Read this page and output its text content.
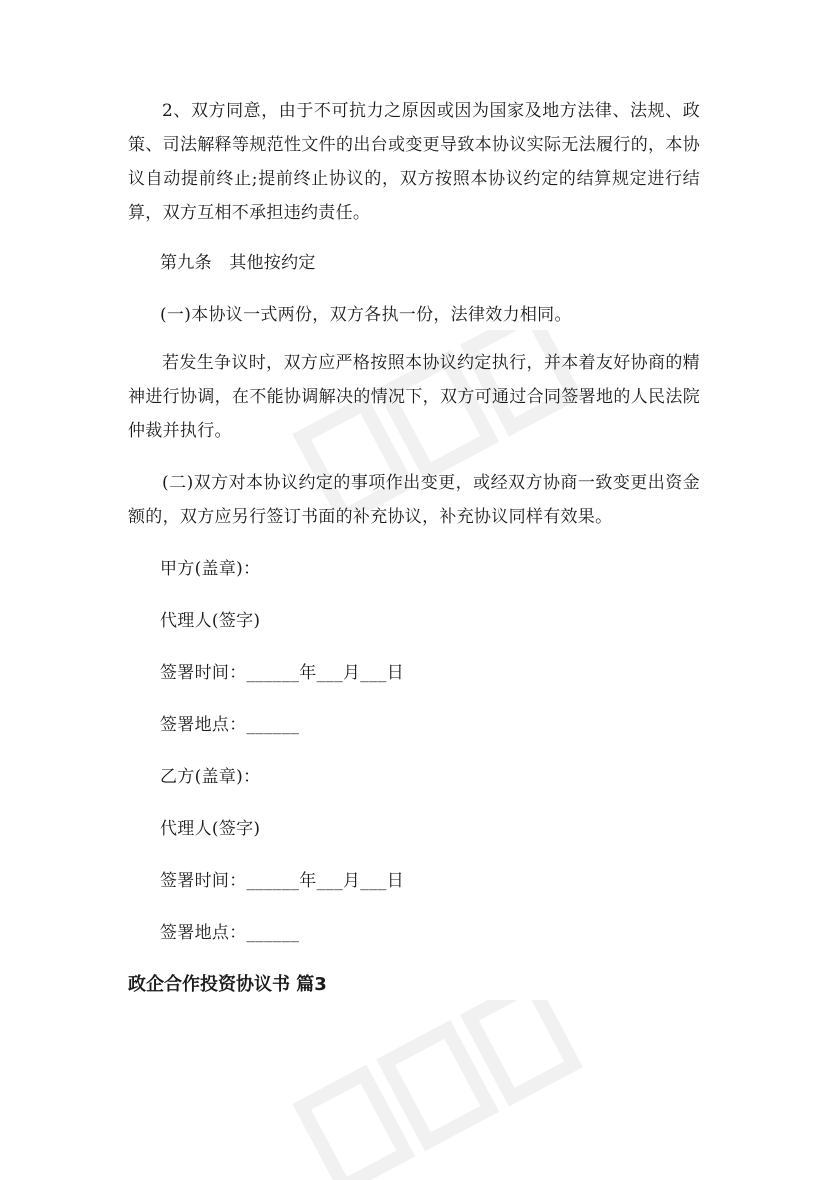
2、双方同意，由于不可抗力之原因或因为国家及地方法律、法规、政策、司法解释等规范性文件的出台或变更导致本协议实际无法履行的，本协议自动提前终止;提前终止协议的，双方按照本协议约定的结算规定进行结算，双方互相不承担违约责任。

第九条　其他按约定

(一)本协议一式两份，双方各执一份，法律效力相同。

若发生争议时，双方应严格按照本协议约定执行，并本着友好协商的精神进行协调，在不能协调解决的情况下，双方可通过合同签署地的人民法院仲裁并执行。

(二)双方对本协议约定的事项作出变更，或经双方协商一致变更出资金额的，双方应另行签订书面的补充协议，补充协议同样有效果。

甲方(盖章)：

代理人(签字)

签署时间：______年___月___日

签署地点：______

乙方(盖章)：

代理人(签字)

签署时间：______年___月___日

签署地点：______

政企合作投资协议书 篇3
